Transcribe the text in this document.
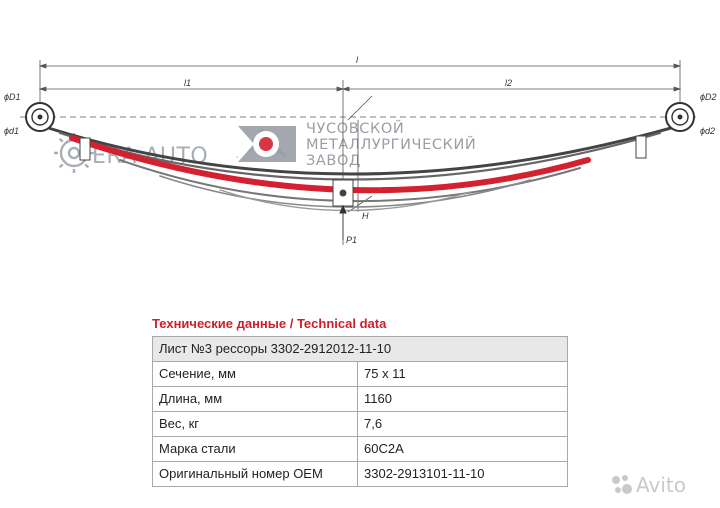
ERA-AUTO
ЧУСОВСКОЙ
МЕТАЛЛУРГИЧЕСКИЙ
ЗАВОД
l
l1	l2
ϕD1
ϕd1
ϕD2
ϕd2
H
P1
Технические данные / Technical data
Лист №3 рессоры 3302-2912012-11-10	
Сечение, мм	75 х 11
Длина, мм	1160
Вес, кг	7,6
Марка стали	60С2А
Оригинальный номер OEM	3302-2913101-11-10	Avito
